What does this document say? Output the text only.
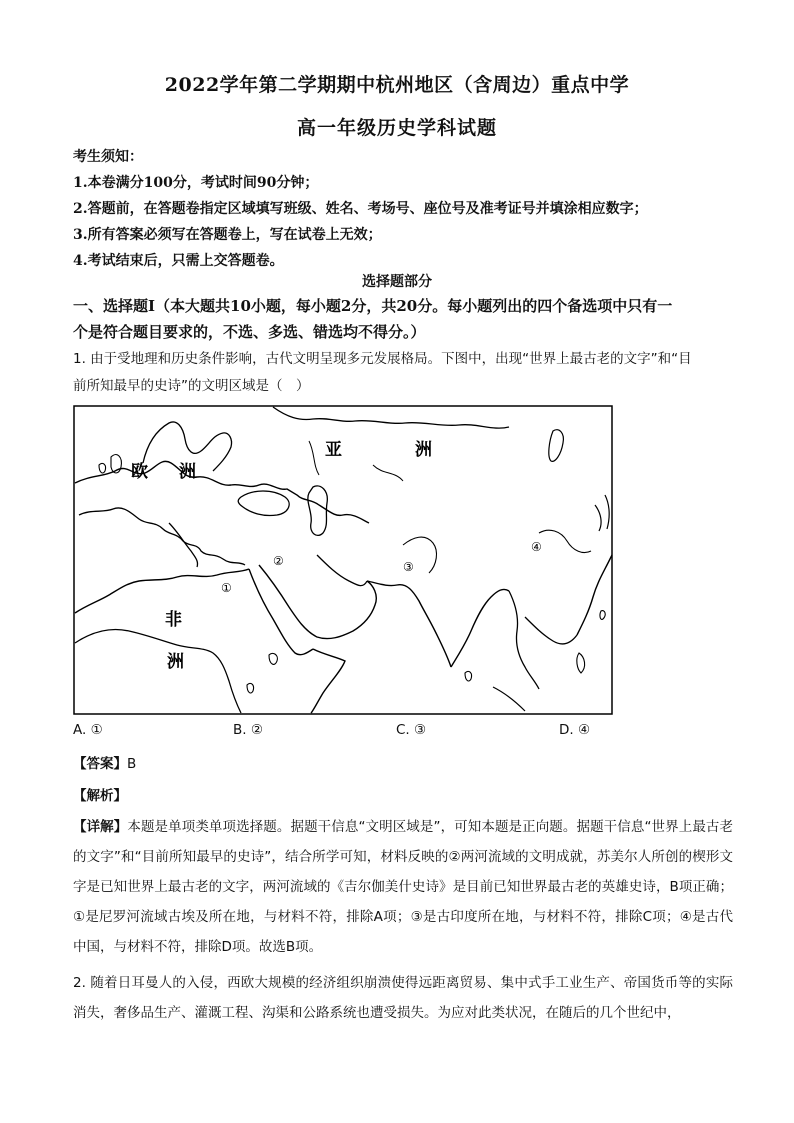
2022学年第二学期期中杭州地区（含周边）重点中学
高一年级历史学科试题
考生须知：
1.本卷满分100分，考试时间90分钟；
2.答题前，在答题卷指定区域填写班级、姓名、考场号、座位号及准考证号并填涂相应数字；
3.所有答案必须写在答题卷上，写在试卷上无效；
4.考试结束后，只需上交答题卷。
选择题部分
一、选择题Ⅰ（本大题共10小题，每小题2分，共20分。每小题列出的四个备选项中只有一
个是符合题目要求的，不选、多选、错选均不得分。）
1. 由于受地理和历史条件影响，古代文明呈现多元发展格局。下图中，出现“世界上最古老的文字”和“目
前所知最早的史诗”的文明区域是（　）
亚	洲
欧 洲
非
洲
①
②	③
④
A. ①	B. ②	C. ③	D. ④
【答案】B
【解析】
【详解】本题是单项类单项选择题。据题干信息“文明区域是”，可知本题是正向题。据题干信息“世界上最古老的文字”和“目前所知最早的史诗”，结合所学可知，材料反映的②两河流域的文明成就，苏美尔人所创的楔形文字是已知世界上最古老的文字，两河流域的《吉尔伽美什史诗》是目前已知世界最古老的英雄史诗，B项正确；①是尼罗河流域古埃及所在地，与材料不符，排除A项；③是古印度所在地，与材料不符，排除C项；④是古代中国，与材料不符，排除D项。故选B项。
2. 随着日耳曼人的入侵，西欧大规模的经济组织崩溃使得远距离贸易、集中式手工业生产、帝国货币等的实际消失，奢侈品生产、灌溉工程、沟渠和公路系统也遭受损失。为应对此类状况，在随后的几个世纪中，
